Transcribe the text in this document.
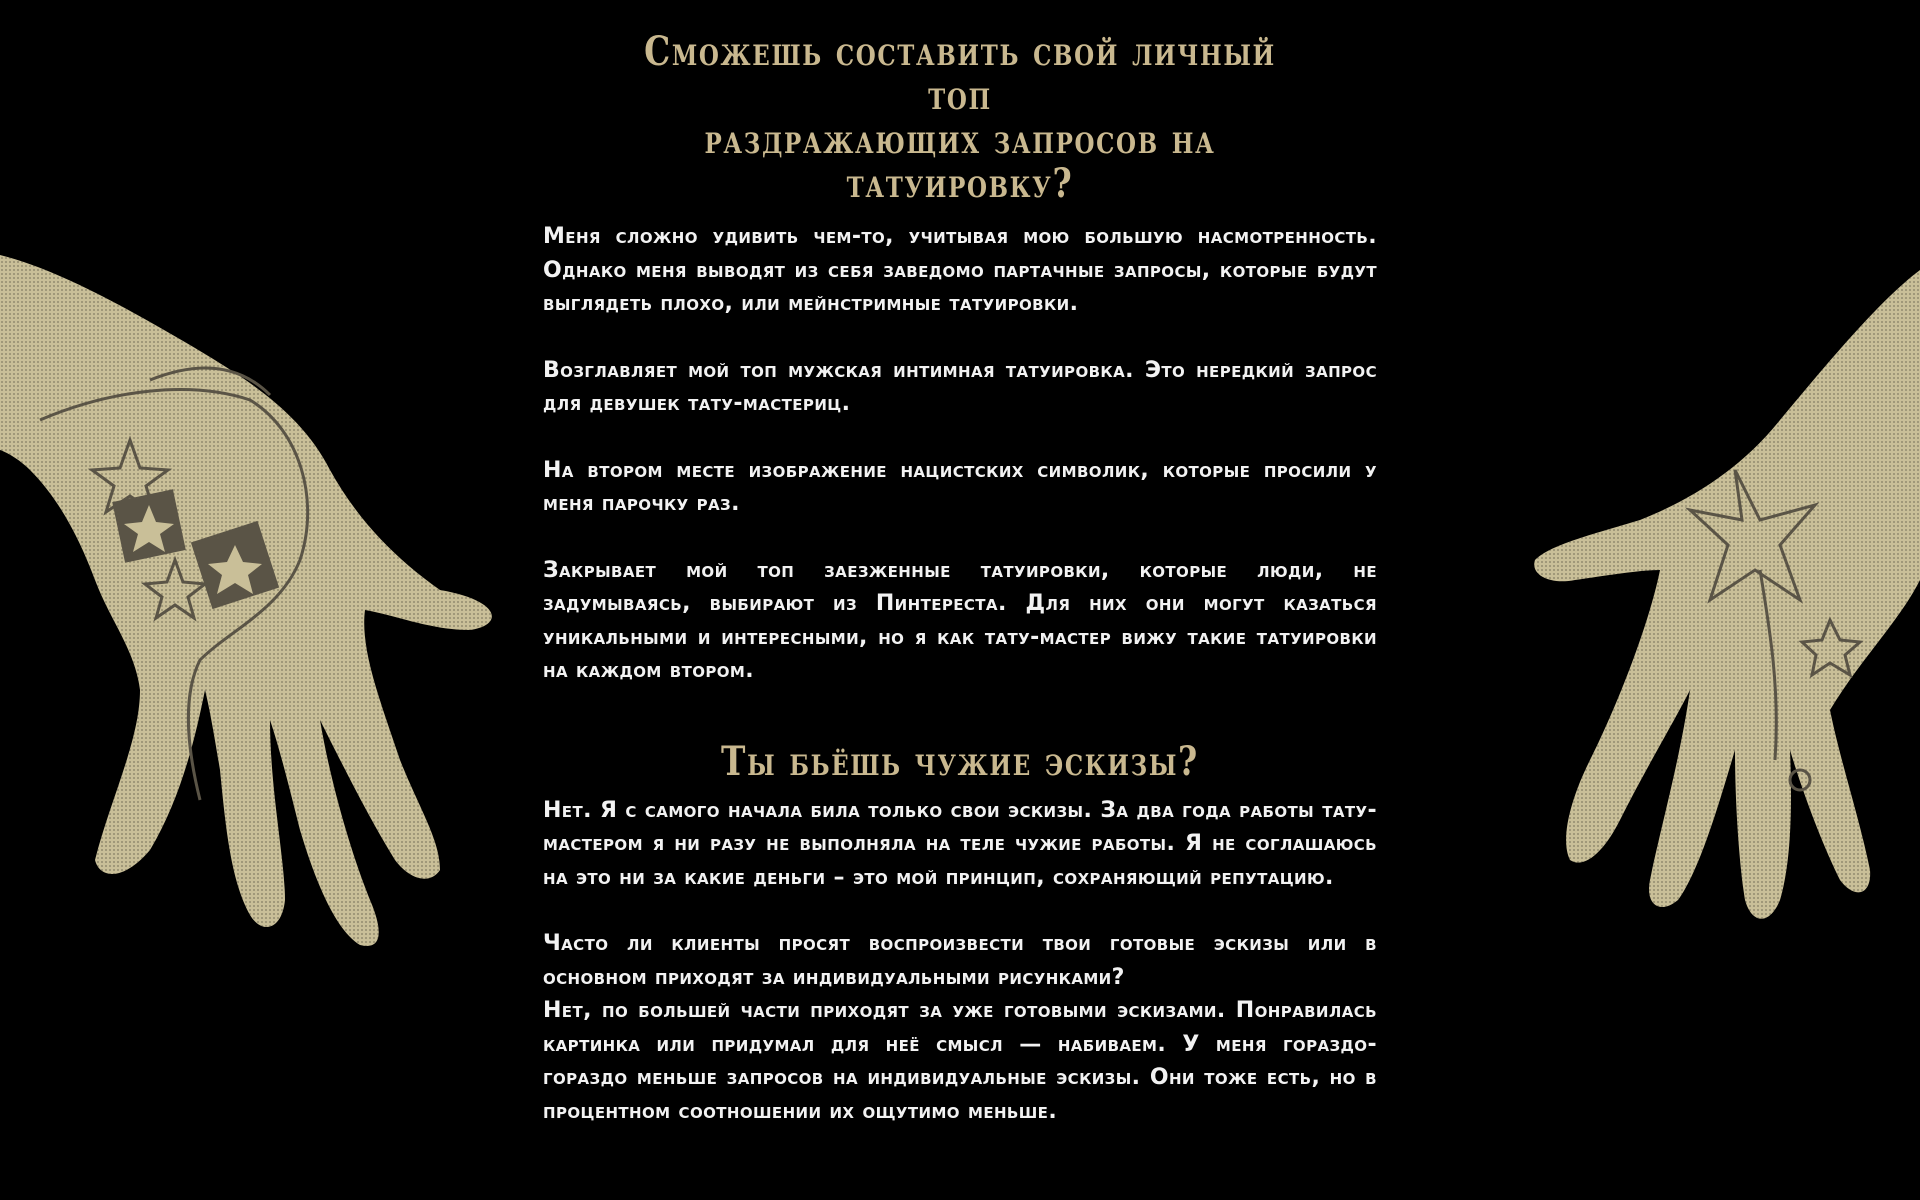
Сможешь составить свой личный топ
раздражающих запросов на татуировку?

Меня сложно удивить чем-то, учитывая мою большую насмотренность. Однако меня выводят из себя заведомо партачные запросы, которые будут выглядеть плохо, или мейнстримные татуировки.

Возглавляет мой топ мужская интимная татуировка. Это нередкий запрос для девушек тату-мастериц.

На втором месте изображение нацистских символик, которые просили у меня парочку раз.

Закрывает мой топ заезженные татуировки, которые люди, не задумываясь, выбирают из Пинтереста. Для них они могут казаться уникальными и интересными, но я как тату-мастер вижу такие татуировки на каждом втором.

Ты бьёшь чужие эскизы?

Нет. Я с самого начала била только свои эскизы. За два года работы тату-мастером я ни разу не выполняла на теле чужие работы. Я не соглашаюсь на это ни за какие деньги – это мой принцип, сохраняющий репутацию.

Часто ли клиенты просят воспроизвести твои готовые эскизы или в основном приходят за индивидуальными рисунками?

Нет, по большей части приходят за уже готовыми эскизами. Понравилась картинка или придумал для неё смысл — набиваем. У меня гораздо-гораздо меньше запросов на индивидуальные эскизы. Они тоже есть, но в процентном соотношении их ощутимо меньше.
